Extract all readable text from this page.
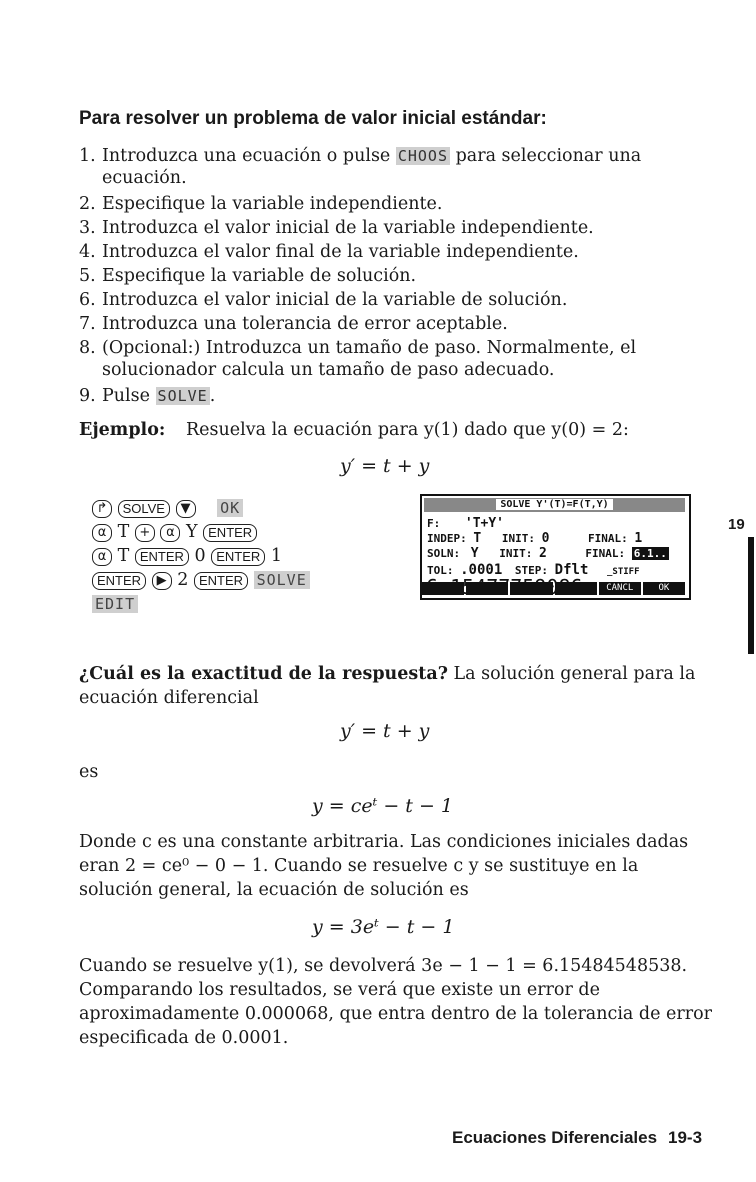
Para resolver un problema de valor inicial estándar:
1. Introduzca una ecuación o pulse CHOOS para seleccionar una
ecuación.
2. Especifique la variable independiente.
3. Introduzca el valor inicial de la variable independiente.
4. Introduzca el valor final de la variable independiente.
5. Especifique la variable de solución.
6. Introduzca el valor inicial de la variable de solución.
7. Introduzca una tolerancia de error aceptable.
8. (Opcional:) Introduzca un tamaño de paso. Normalmente, el
solucionador calcula un tamaño de paso adecuado.
9. Pulse SOLVE .
Ejemplo: Resuelva la ecuación para y(1) dado que y(0) = 2:
y′ = t + y
↱ SOLVE ▼ OK
α T + α Y ENTER
α T ENTER 0 ENTER 1
ENTER ▶ 2 ENTER SOLVE
EDIT
SOLVE Y'(T)=F(T,Y)
F: 'T+Y'
INDEP: T INIT: 0	FINAL: 1
SOLN: Y INIT: 2	FINAL: 6.1..
TOL: .0001 STEP: Dflt _STIFF
CANCL	OK
19
¿Cuál es la exactitud de la respuesta? La solución general para la
ecuación diferencial
y′ = t + y
es
y = ceᵗ − t − 1
Donde c es una constante arbitraria. Las condiciones iniciales dadas
eran 2 = ce⁰ − 0 − 1. Cuando se resuelve c y se sustituye en la
solución general, la ecuación de solución es
y = 3eᵗ − t − 1
Cuando se resuelve y(1), se devolverá 3e − 1 − 1 = 6.15484548538.
Comparando los resultados, se verá que existe un error de
aproximadamente 0.000068, que entra dentro de la tolerancia de error
especificada de 0.0001.
Ecuaciones Diferenciales 19-3
